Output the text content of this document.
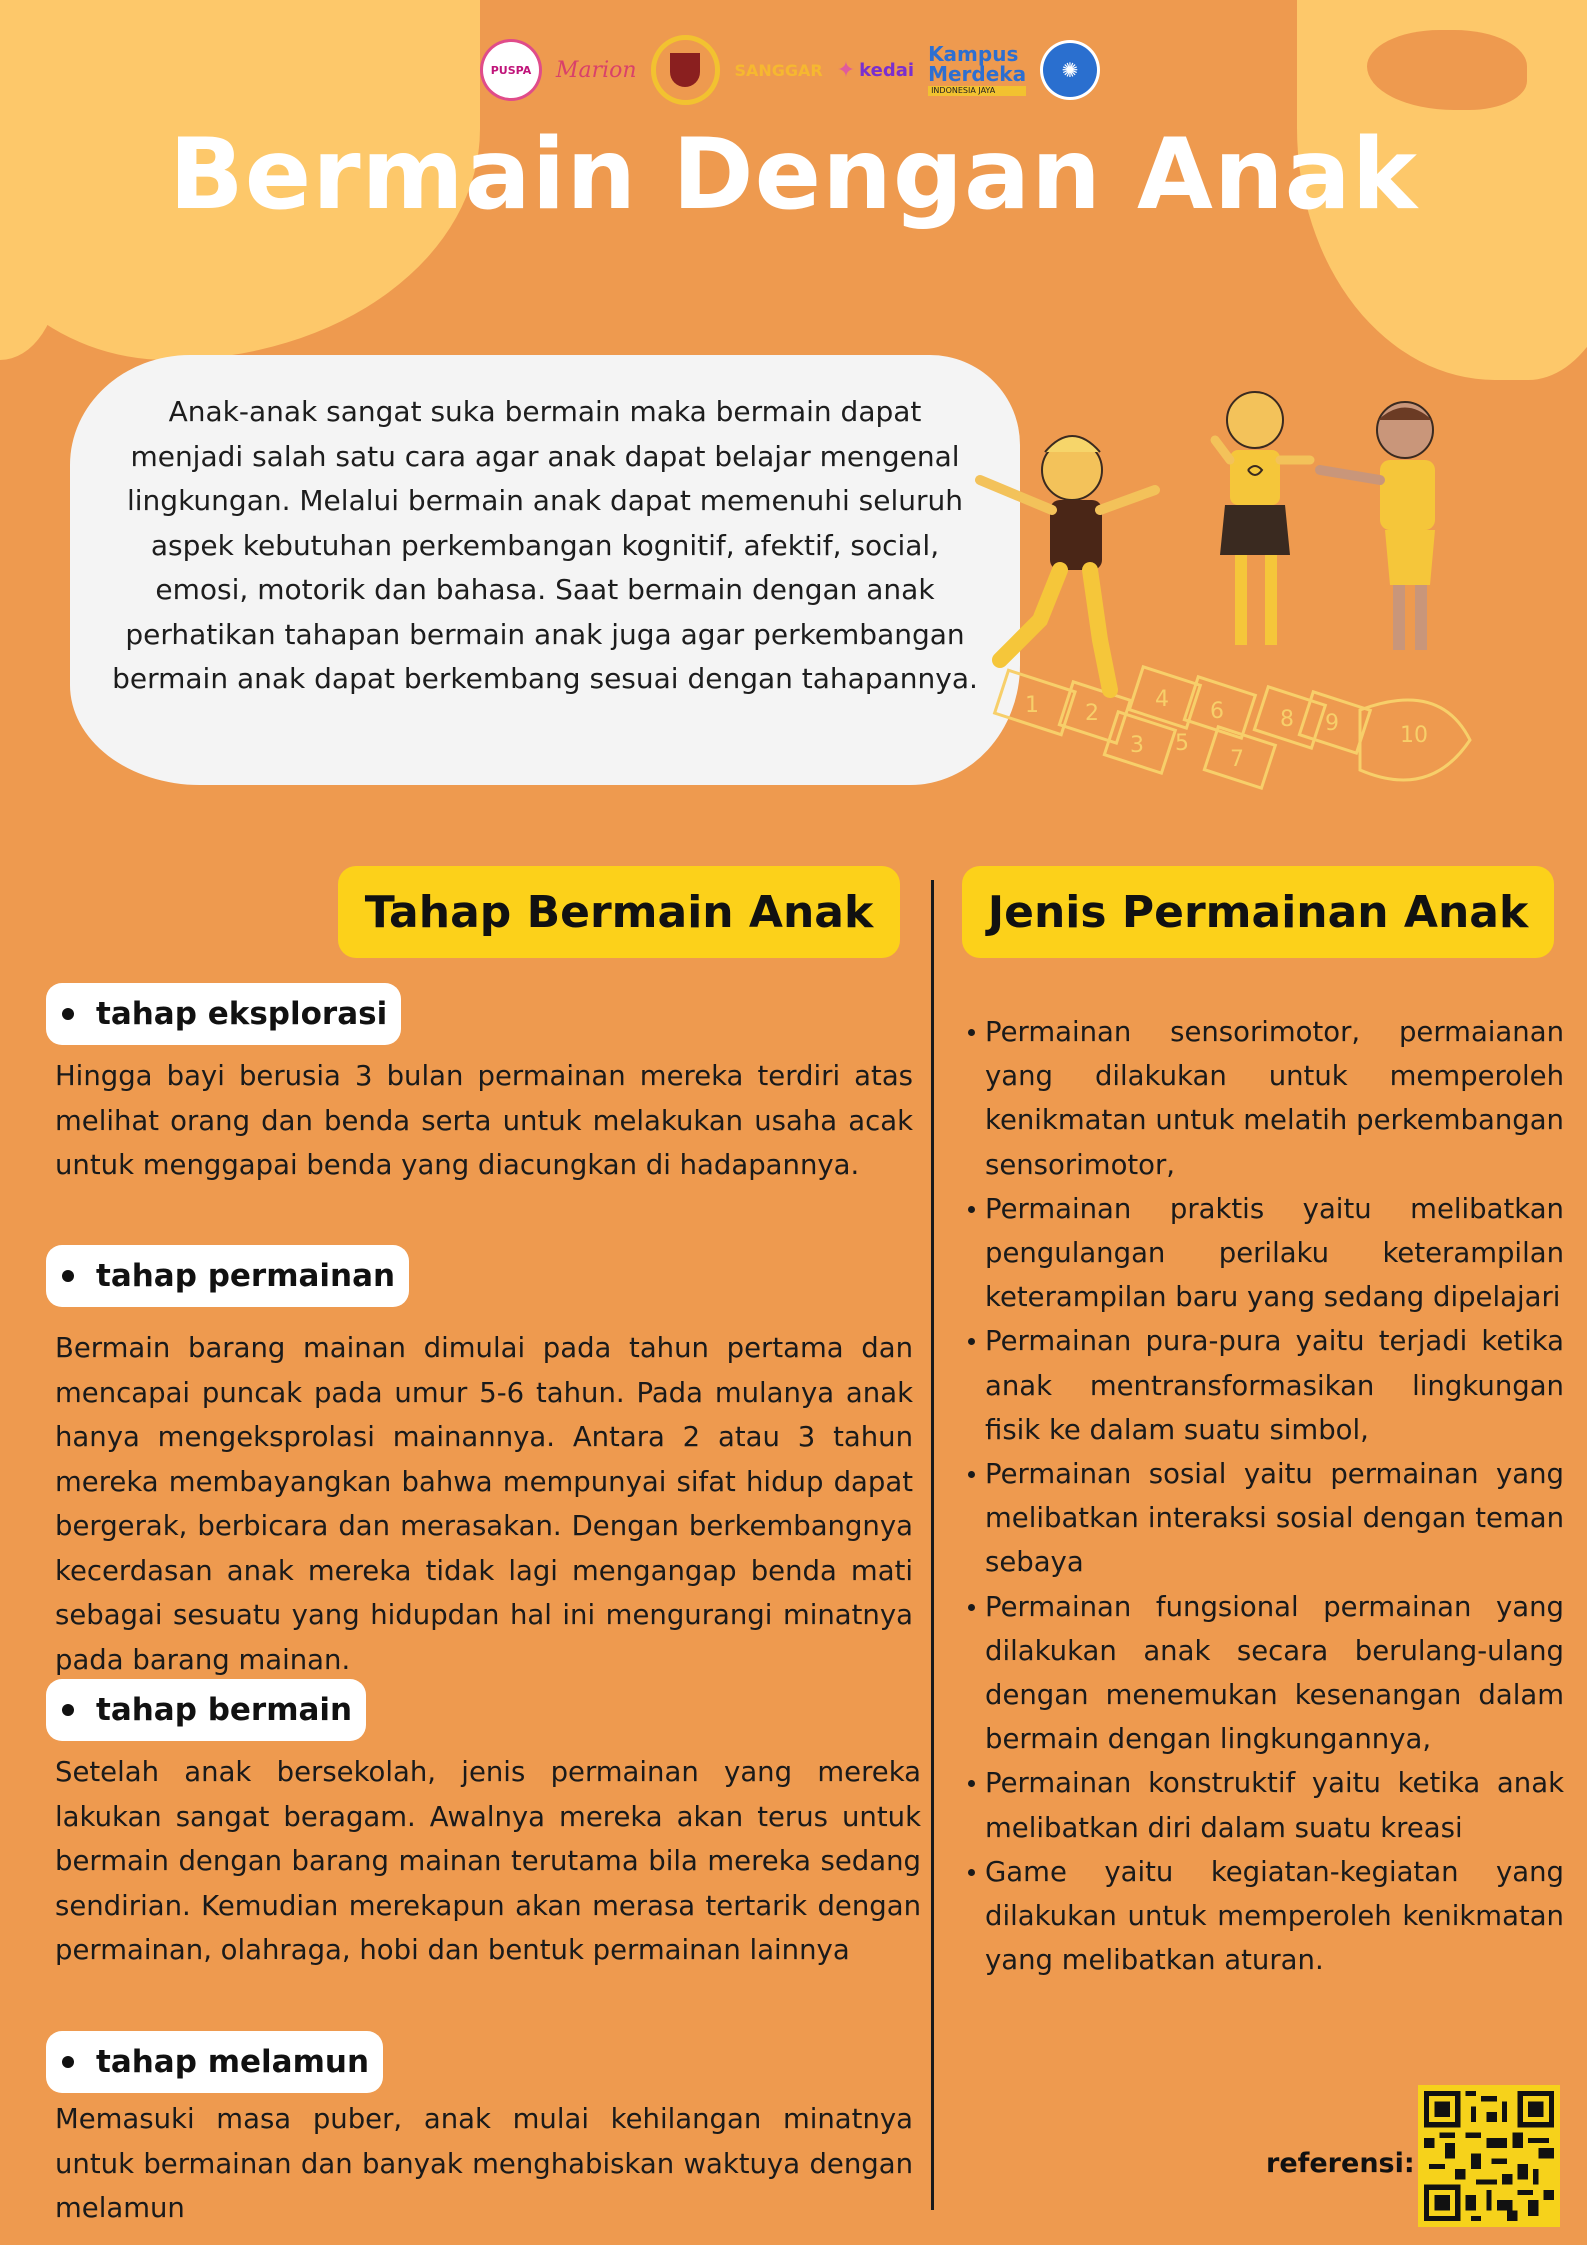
PUSPA Marion	SANGGAR ✦ kedai
Kampus
Merdeka
INDONESIA JAYA
✺
Bermain Dengan Anak

Anak-anak sangat suka bermain maka bermain dapat menjadi salah satu cara agar anak dapat belajar mengenal lingkungan. Melalui bermain anak dapat memenuhi seluruh aspek kebutuhan perkembangan kognitif, afektif, social, emosi, motorik dan bahasa. Saat bermain dengan anak perhatikan tahapan bermain anak juga agar perkembangan bermain anak dapat berkembang sesuai dengan tahapannya.

1 2
3
4
5
6
7
8 9	10
Tahap Bermain Anak
tahap eksplorasi

Hingga bayi berusia 3 bulan permainan mereka terdiri atas melihat orang dan benda serta untuk melakukan usaha acak untuk menggapai benda yang diacungkan di hadapannya.

tahap permainan

Bermain barang mainan dimulai pada tahun pertama dan mencapai puncak pada umur 5-6 tahun. Pada mulanya anak hanya mengeksprolasi mainannya. Antara 2 atau 3 tahun mereka membayangkan bahwa mempunyai sifat hidup dapat bergerak, berbicara dan merasakan. Dengan berkembangnya kecerdasan anak mereka tidak lagi mengangap benda mati sebagai sesuatu yang hidupdan hal ini mengurangi minatnya pada barang mainan.

tahap bermain

Setelah anak bersekolah, jenis permainan yang mereka lakukan sangat beragam. Awalnya mereka akan terus untuk bermain dengan barang mainan terutama bila mereka sedang sendirian. Kemudian merekapun akan merasa tertarik dengan permainan, olahraga, hobi dan bentuk permainan lainnya

tahap melamun

Memasuki masa puber, anak mulai kehilangan minatnya untuk bermainan dan banyak menghabiskan waktuya dengan melamun

Jenis Permainan Anak
Permainan sensorimotor, permaianan yang dilakukan untuk memperoleh kenikmatan untuk melatih perkembangan sensorimotor,
Permainan praktis yaitu melibatkan pengulangan perilaku keterampilan keterampilan baru yang sedang dipelajari
Permainan pura-pura yaitu terjadi ketika anak mentransformasikan lingkungan fisik ke dalam suatu simbol,
Permainan sosial yaitu permainan yang melibatkan interaksi sosial dengan teman sebaya
Permainan fungsional permainan yang dilakukan anak secara berulang-ulang dengan menemukan kesenangan dalam bermain dengan lingkungannya,
Permainan konstruktif yaitu ketika anak melibatkan diri dalam suatu kreasi
Game yaitu kegiatan-kegiatan yang dilakukan untuk memperoleh kenikmatan yang melibatkan aturan.
referensi:
